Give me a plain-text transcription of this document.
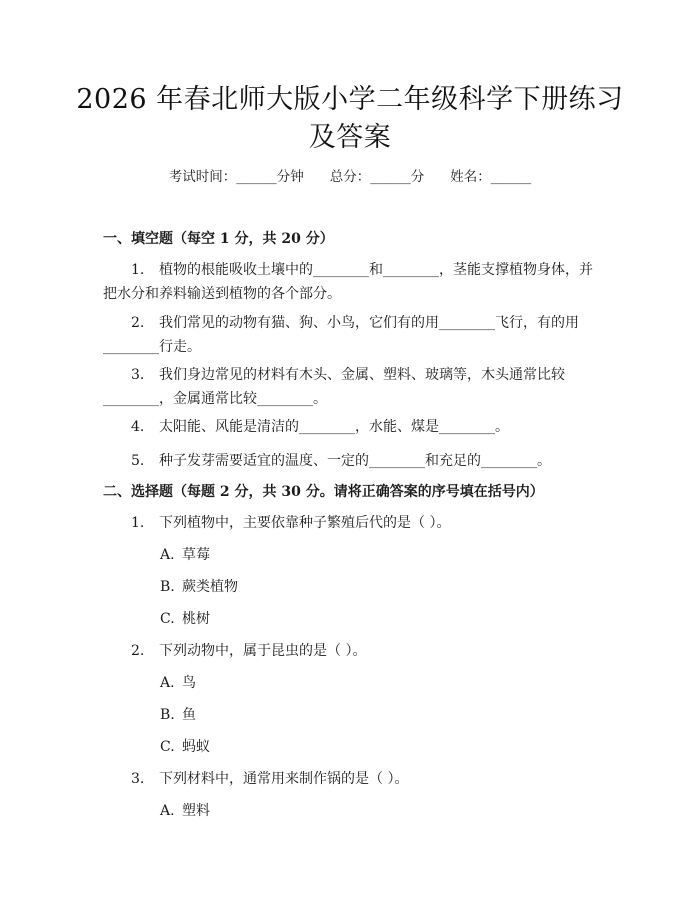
2026 年春北师大版小学二年级科学下册练习
及答案
考试时间：______分钟 总分：______分 姓名：______
一、填空题（每空 1 分，共 20 分）
1. 植物的根能吸收土壤中的________和________，茎能支撑植物身体，并把水分和养料输送到植物的各个部分。
2. 我们常见的动物有猫、狗、小鸟，它们有的用________飞行，有的用________行走。
3. 我们身边常见的材料有木头、金属、塑料、玻璃等，木头通常比较________，金属通常比较________。
4. 太阳能、风能是清洁的________，水能、煤是________。
5. 种子发芽需要适宜的温度、一定的________和充足的________。
二、选择题（每题 2 分，共 30 分。请将正确答案的序号填在括号内）
1. 下列植物中，主要依靠种子繁殖后代的是（ ）。
A. 草莓
B. 蕨类植物
C. 桃树
2. 下列动物中，属于昆虫的是（ ）。
A. 鸟
B. 鱼
C. 蚂蚁
3. 下列材料中，通常用来制作锅的是（ ）。
A. 塑料
